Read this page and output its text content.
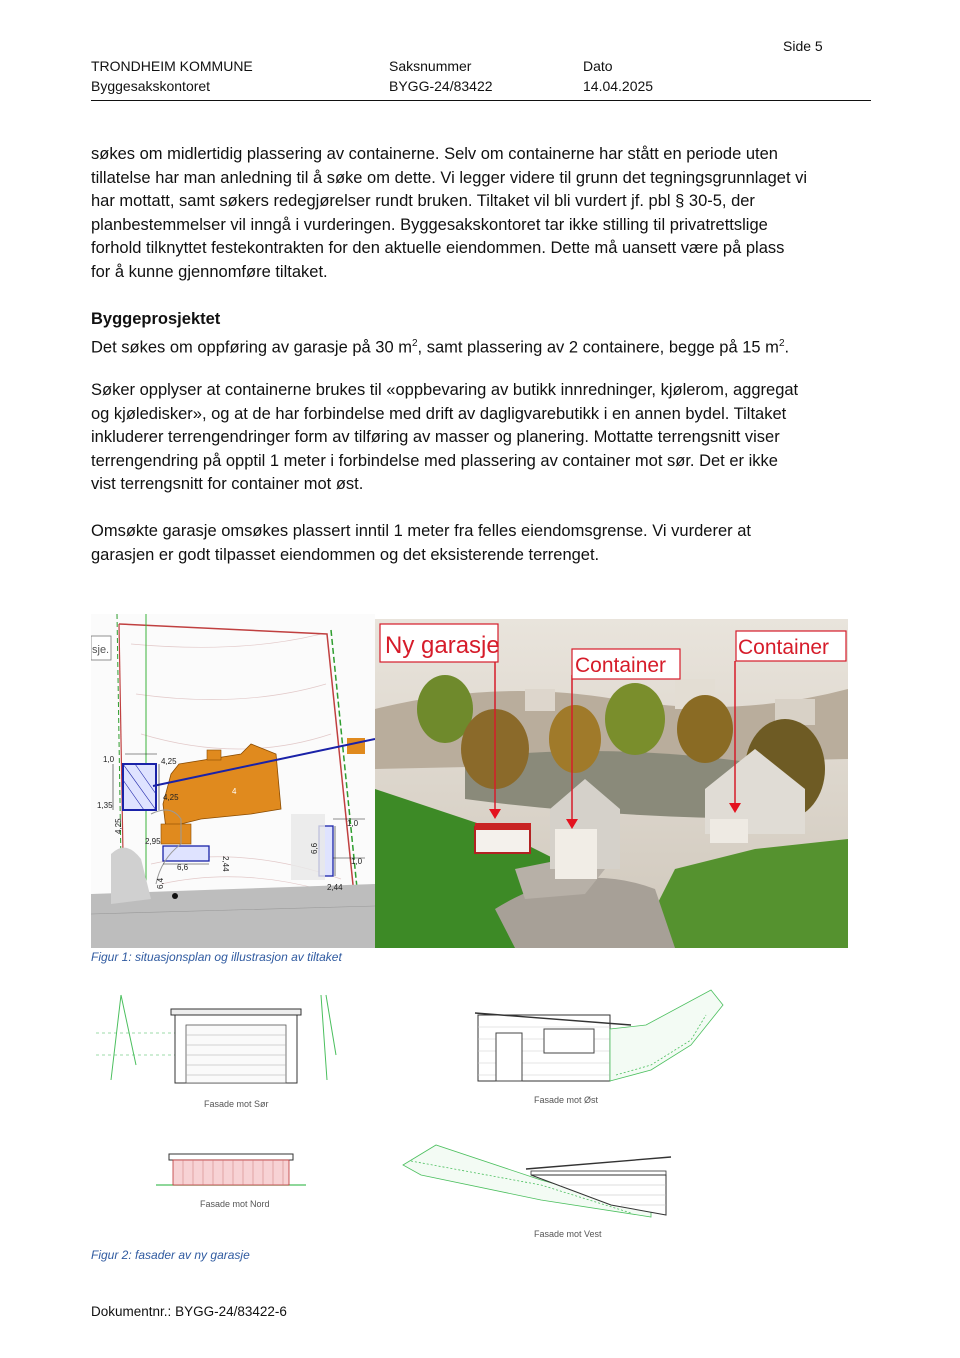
TRONDHEIM KOMMUNE
Byggesakskontoret
Saksnummer
BYGG-24/83422
Dato
14.04.2025
Side 5

søkes om midlertidig plassering av containerne. Selv om containerne har stått en periode uten

tillatelse har man anledning til å søke om dette. Vi legger videre til grunn det tegningsgrunnlaget vi

har mottatt, samt søkers redegjørelser rundt bruken. Tiltaket vil bli vurdert jf. pbl § 30-5, der

planbestemmelser vil inngå i vurderingen. Byggesakskontoret tar ikke stilling til privatrettslige

forhold tilknyttet festekontrakten for den aktuelle eiendommen. Dette må uansett være på plass

for å kunne gjennomføre tiltaket.

Byggeprosjektet

Det søkes om oppføring av garasje på 30 $m^2$, samt plassering av 2 containere, begge på 15 $m^2$.

Søker opplyser at containerne brukes til «oppbevaring av butikk innredninger, kjølerom, aggregat

og kjøledisker», og at de har forbindelse med drift av dagligvarebutikk i en annen bydel. Tiltaket

inkluderer terrengendringer form av tilføring av masser og planering. Mottatte terrengsnitt viser

terrengendring på opptil 1 meter i forbindelse med plassering av container mot sør. Det er ikke

vist terrengsnitt for container mot øst.

Omsøkte garasje omsøkes plassert inntil 1 meter fra felles eiendomsgrense. Vi vurderer at

garasjen er godt tilpasset eiendommen og det eksisterende terrenget.

sje.
4
1,0	4,25
4,25
1,35
4,25
2,95
6,6	2,44
6,4
6,6
1,0
1,0
2,44
Ny garasje
Container
Container
Figur 1: situasjonsplan og illustrasjon av tiltaket
Fasade mot Sør	Fasade mot Øst
Fasade mot Nord
Fasade mot Vest
Figur 2: fasader av ny garasje
Dokumentnr.: BYGG-24/83422-6
